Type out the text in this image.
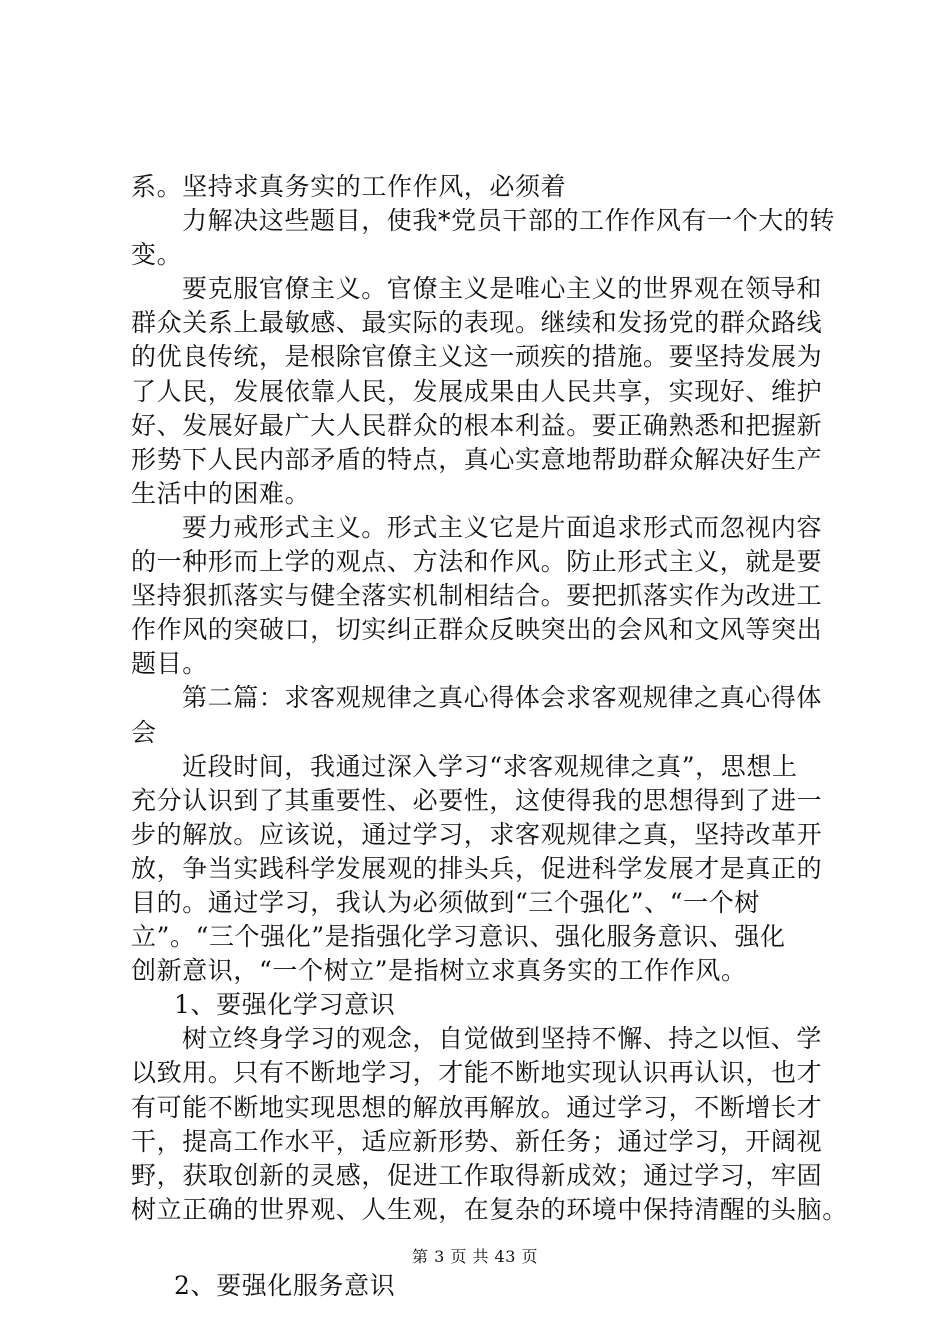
系。坚持求真务实的工作作风，必须着
力解决这些题目，使我*党员干部的工作作风有一个大的转
变。
要克服官僚主义。官僚主义是唯心主义的世界观在领导和
群众关系上最敏感、最实际的表现。继续和发扬党的群众路线
的优良传统，是根除官僚主义这一顽疾的措施。要坚持发展为
了人民，发展依靠人民，发展成果由人民共享，实现好、维护
好、发展好最广大人民群众的根本利益。要正确熟悉和把握新
形势下人民内部矛盾的特点，真心实意地帮助群众解决好生产
生活中的困难。
要力戒形式主义。形式主义它是片面追求形式而忽视内容
的一种形而上学的观点、方法和作风。防止形式主义，就是要
坚持狠抓落实与健全落实机制相结合。要把抓落实作为改进工
作作风的突破口，切实纠正群众反映突出的会风和文风等突出
题目。
第二篇：求客观规律之真心得体会求客观规律之真心得体
会
近段时间，我通过深入学习“求客观规律之真”，思想上
充分认识到了其重要性、必要性，这使得我的思想得到了进一
步的解放。应该说，通过学习，求客观规律之真，坚持改革开
放，争当实践科学发展观的排头兵，促进科学发展才是真正的
目的。通过学习，我认为必须做到“三个强化”、“一个树
立”。“三个强化”是指强化学习意识、强化服务意识、强化
创新意识，“一个树立”是指树立求真务实的工作作风。
1、要强化学习意识
树立终身学习的观念，自觉做到坚持不懈、持之以恒、学
以致用。只有不断地学习，才能不断地实现认识再认识，也才
有可能不断地实现思想的解放再解放。通过学习，不断增长才
干，提高工作水平，适应新形势、新任务；通过学习，开阔视
野，获取创新的灵感，促进工作取得新成效；通过学习，牢固
树立正确的世界观、人生观，在复杂的环境中保持清醒的头脑。
2、要强化服务意识
第 3 页 共 43 页
